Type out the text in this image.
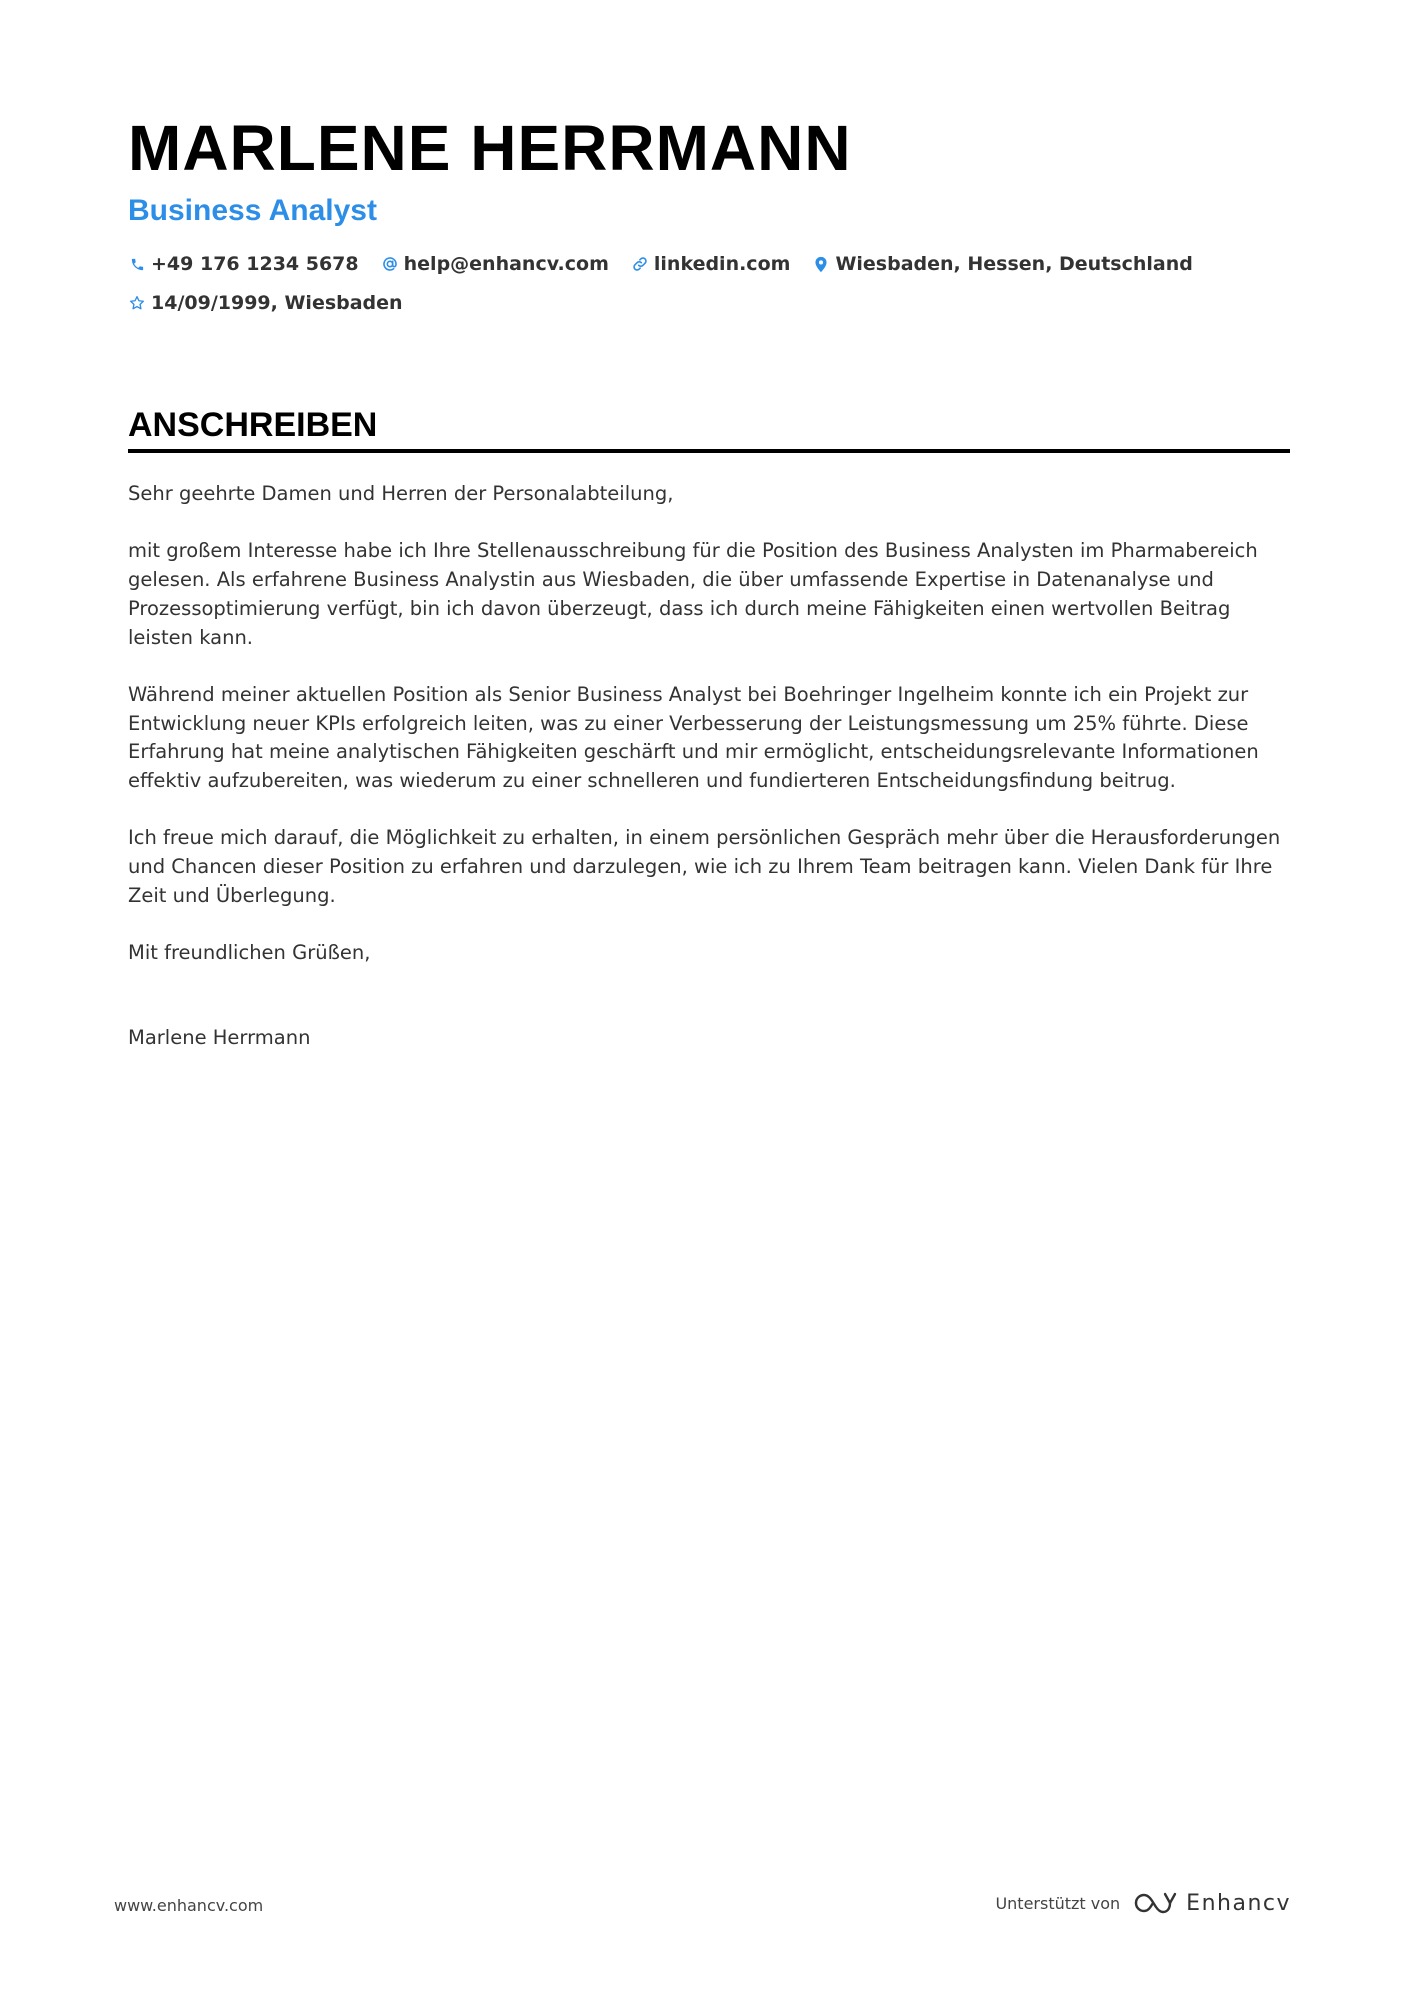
MARLENE HERRMANN
Business Analyst
+49 176 1234 5678 help@enhancv.com linkedin.com Wiesbaden, Hessen, Deutschland
14/09/1999, Wiesbaden
ANSCHREIBEN

Sehr geehrte Damen und Herren der Personalabteilung,

mit großem Interesse habe ich Ihre Stellenausschreibung für die Position des Business Analysten im Pharmabereich gelesen. Als erfahrene Business Analystin aus Wiesbaden, die über umfassende Expertise in Datenanalyse und Prozessoptimierung verfügt, bin ich davon überzeugt, dass ich durch meine Fähigkeiten einen wertvollen Beitrag leisten kann.

Während meiner aktuellen Position als Senior Business Analyst bei Boehringer Ingelheim konnte ich ein Projekt zur Entwicklung neuer KPIs erfolgreich leiten, was zu einer Verbesserung der Leistungsmessung um 25% führte. Diese Erfahrung hat meine analytischen Fähigkeiten geschärft und mir ermöglicht, entscheidungsrelevante Informationen effektiv aufzubereiten, was wiederum zu einer schnelleren und fundierteren Entscheidungsfindung beitrug.

Ich freue mich darauf, die Möglichkeit zu erhalten, in einem persönlichen Gespräch mehr über die Herausforderungen und Chancen dieser Position zu erfahren und darzulegen, wie ich zu Ihrem Team beitragen kann. Vielen Dank für Ihre Zeit und Überlegung.

Mit freundlichen Grüßen,

Marlene Herrmann

www.enhancv.com	Unterstützt von	Enhancv
